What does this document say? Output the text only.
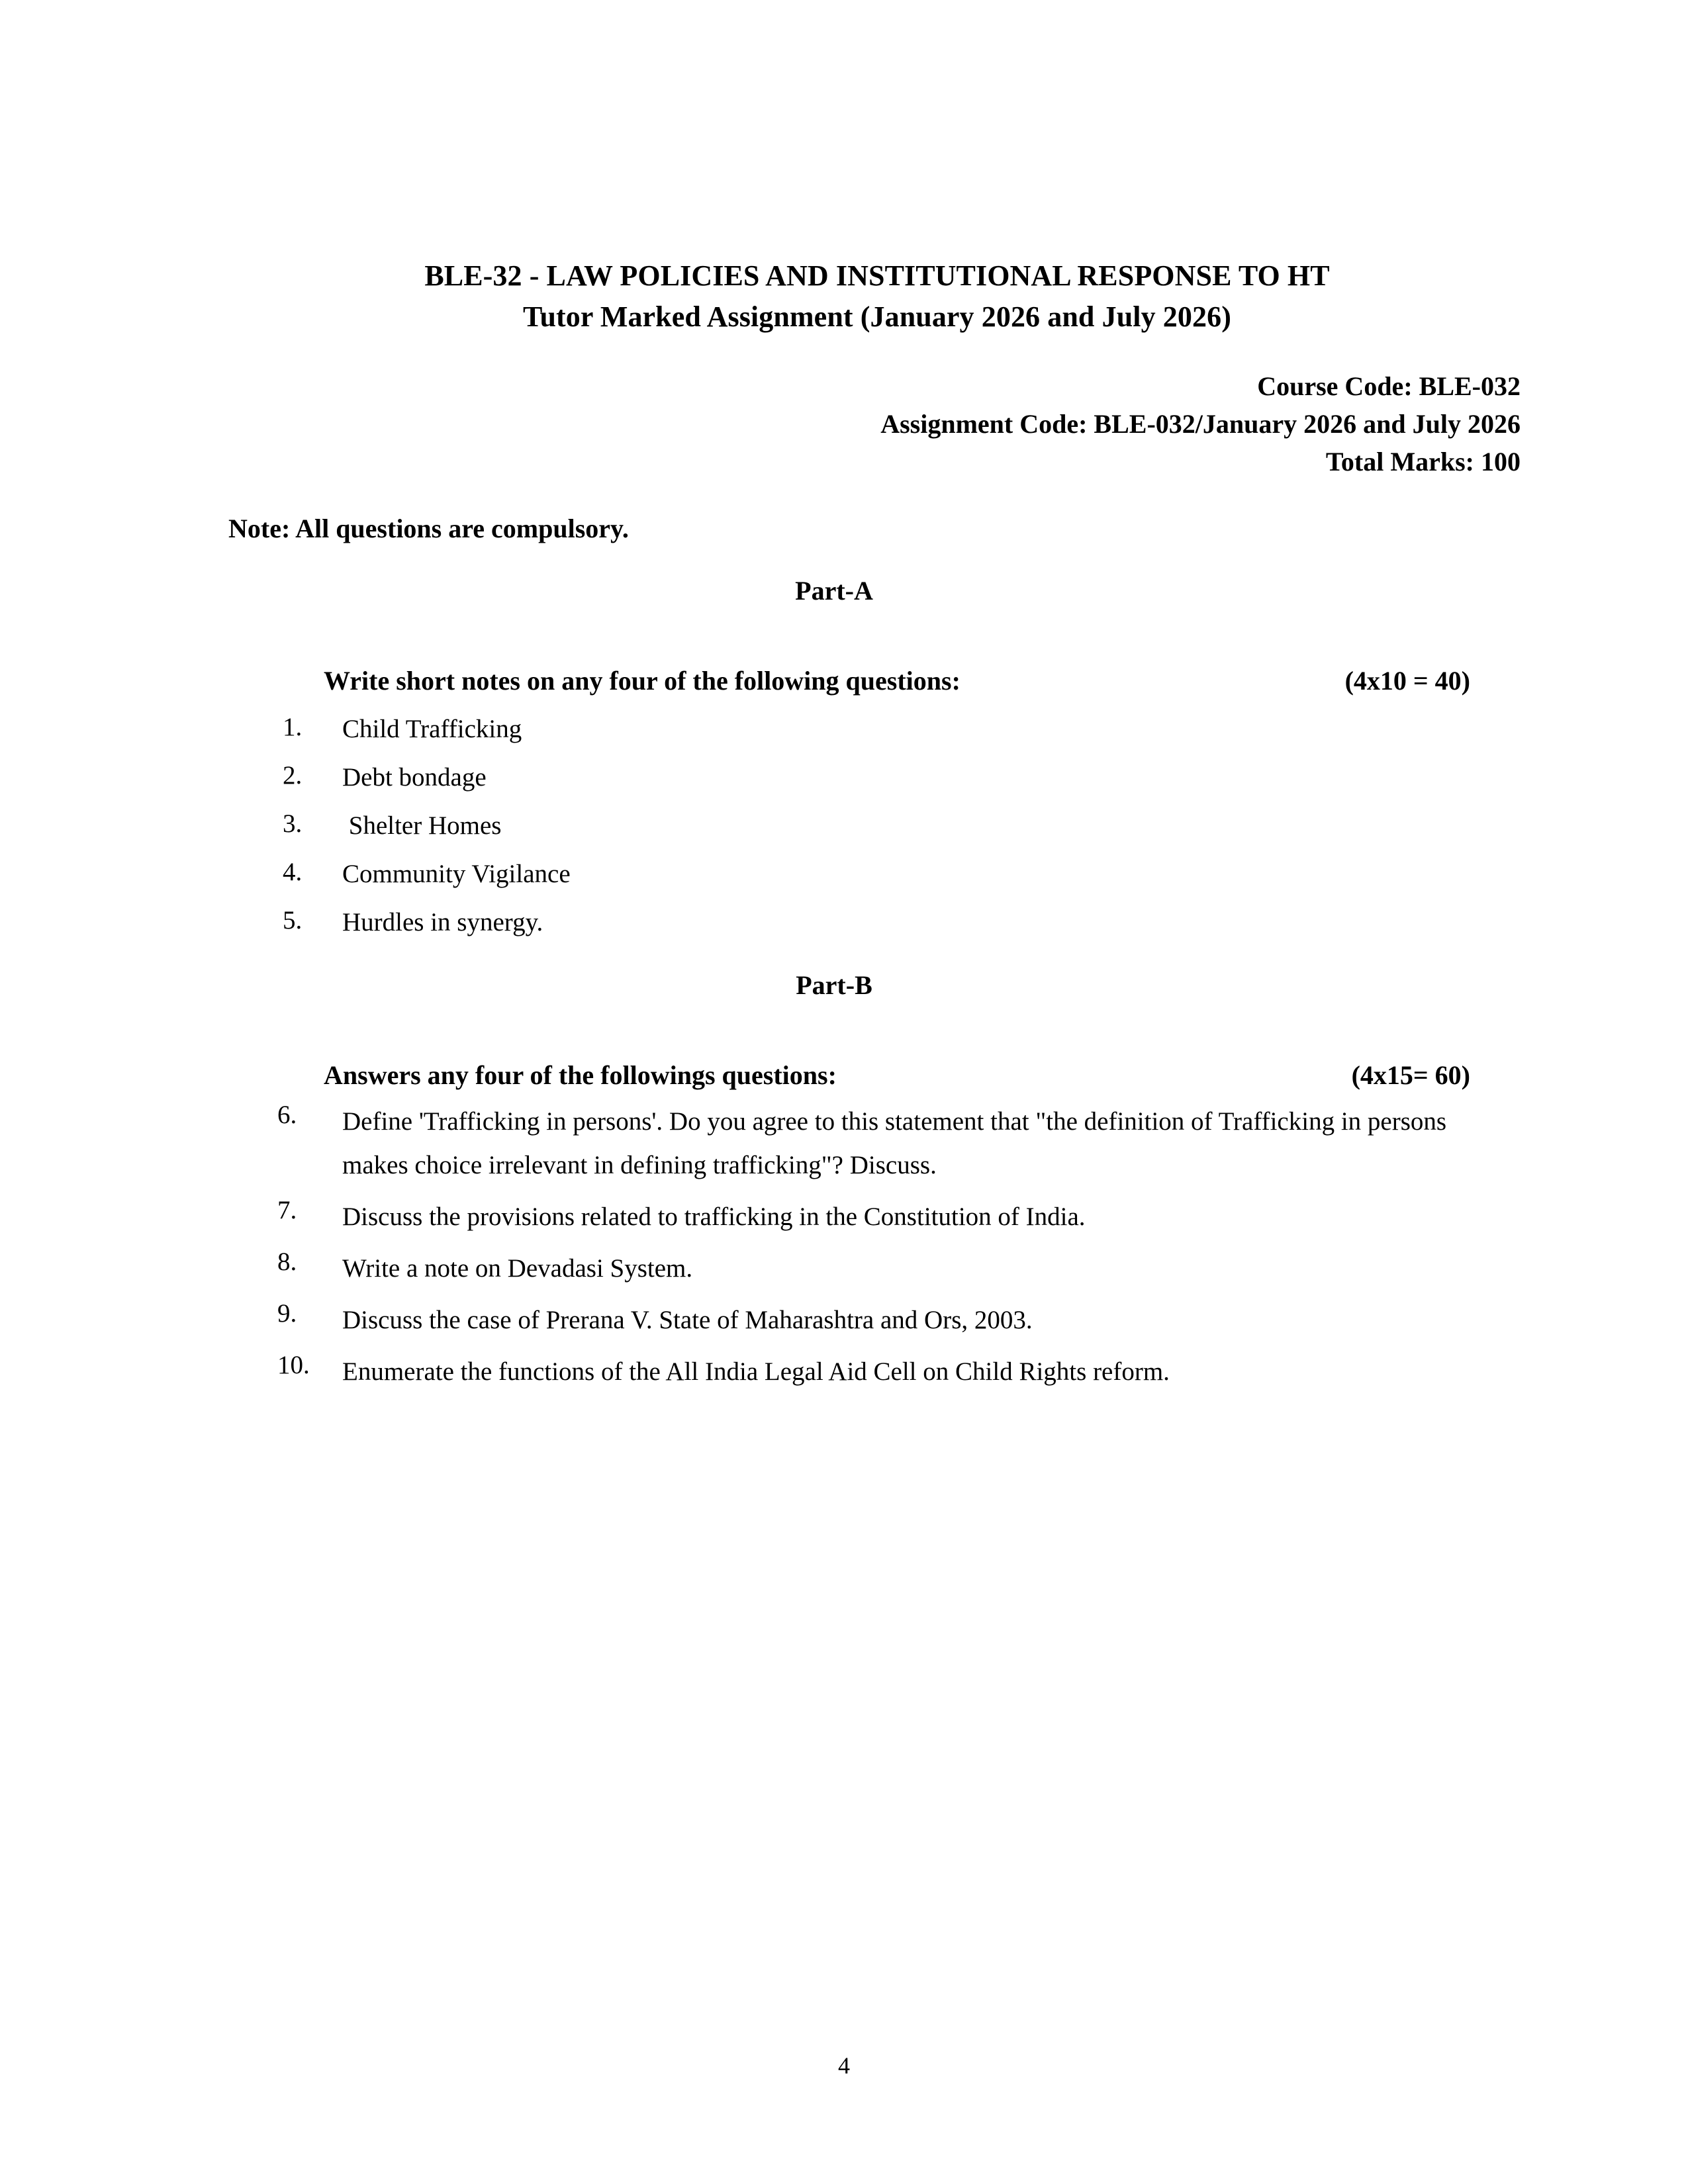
BLE-32 - LAW POLICIES AND INSTITUTIONAL RESPONSE TO HT
Tutor Marked Assignment (January 2026 and July 2026)
Course Code: BLE-032
Assignment Code: BLE-032/January 2026 and July 2026
Total Marks: 100
Note: All questions are compulsory.
Part-A
Write short notes on any four of the following questions:	(4x10 = 40)
1.	Child Trafficking
2.	Debt bondage
3.	Shelter Homes
4.	Community Vigilance
5.	Hurdles in synergy.
Part-B
Answers any four of the followings questions:	(4x15= 60)
6.	Define 'Trafficking in persons'. Do you agree to this statement that "the definition of Trafficking in persons makes choice irrelevant in defining trafficking"? Discuss.
7.	Discuss the provisions related to trafficking in the Constitution of India.
8.	Write a note on Devadasi System.
9.	Discuss the case of Prerana V. State of Maharashtra and Ors, 2003.
10.	Enumerate the functions of the All India Legal Aid Cell on Child Rights reform.
4
